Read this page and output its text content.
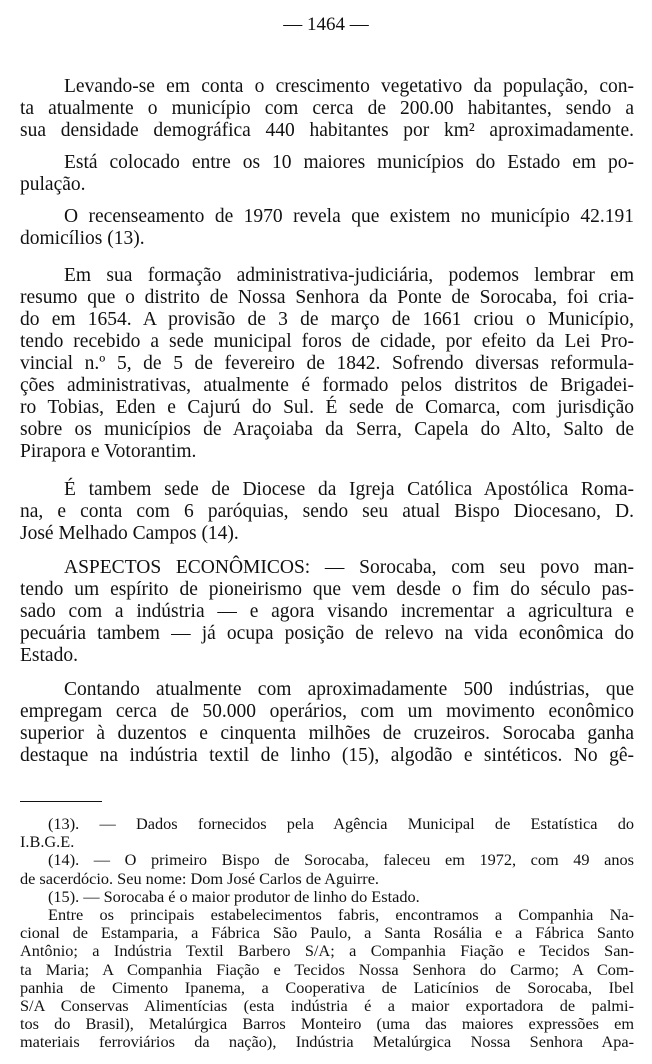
— 1464 —
Levando-se em conta o crescimento vegetativo da população, con-
ta atualmente o município com cerca de 200.00 habitantes, sendo a
sua densidade demográfica 440 habitantes por km² aproximadamente.
Está colocado entre os 10 maiores municípios do Estado em po-
pulação.
O recenseamento de 1970 revela que existem no município 42.191
domicílios (13).
Em sua formação administrativa-judiciária, podemos lembrar em
resumo que o distrito de Nossa Senhora da Ponte de Sorocaba, foi cria-
do em 1654. A provisão de 3 de março de 1661 criou o Município,
tendo recebido a sede municipal foros de cidade, por efeito da Lei Pro-
vincial n.º 5, de 5 de fevereiro de 1842. Sofrendo diversas reformula-
ções administrativas, atualmente é formado pelos distritos de Brigadei-
ro Tobias, Eden e Cajurú do Sul. É sede de Comarca, com jurisdição
sobre os municípios de Araçoiaba da Serra, Capela do Alto, Salto de
Pirapora e Votorantim.
É tambem sede de Diocese da Igreja Católica Apostólica Roma-
na, e conta com 6 paróquias, sendo seu atual Bispo Diocesano, D.
José Melhado Campos (14).
ASPECTOS ECONÔMICOS: — Sorocaba, com seu povo man-
tendo um espírito de pioneirismo que vem desde o fim do século pas-
sado com a indústria — e agora visando incrementar a agricultura e
pecuária tambem — já ocupa posição de relevo na vida econômica do
Estado.
Contando atualmente com aproximadamente 500 indústrias, que
empregam cerca de 50.000 operários, com um movimento econômico
superior à duzentos e cinquenta milhões de cruzeiros. Sorocaba ganha
destaque na indústria textil de linho (15), algodão e sintéticos. No gê-
(13). — Dados fornecidos pela Agência Municipal de Estatística do
I.B.G.E.
(14). — O primeiro Bispo de Sorocaba, faleceu em 1972, com 49 anos
de sacerdócio. Seu nome: Dom José Carlos de Aguirre.
(15). — Sorocaba é o maior produtor de linho do Estado.
Entre os principais estabelecimentos fabris, encontramos a Companhia Na-
cional de Estamparia, a Fábrica São Paulo, a Santa Rosália e a Fábrica Santo
Antônio; a Indústria Textil Barbero S/A; a Companhia Fiação e Tecidos San-
ta Maria; A Companhia Fiação e Tecidos Nossa Senhora do Carmo; A Com-
panhia de Cimento Ipanema, a Cooperativa de Laticínios de Sorocaba, Ibel
S/A Conservas Alimentícias (esta indústria é a maior exportadora de palmi-
tos do Brasil), Metalúrgica Barros Monteiro (uma das maiores expressões em
materiais ferroviários da nação), Indústria Metalúrgica Nossa Senhora Apa-
